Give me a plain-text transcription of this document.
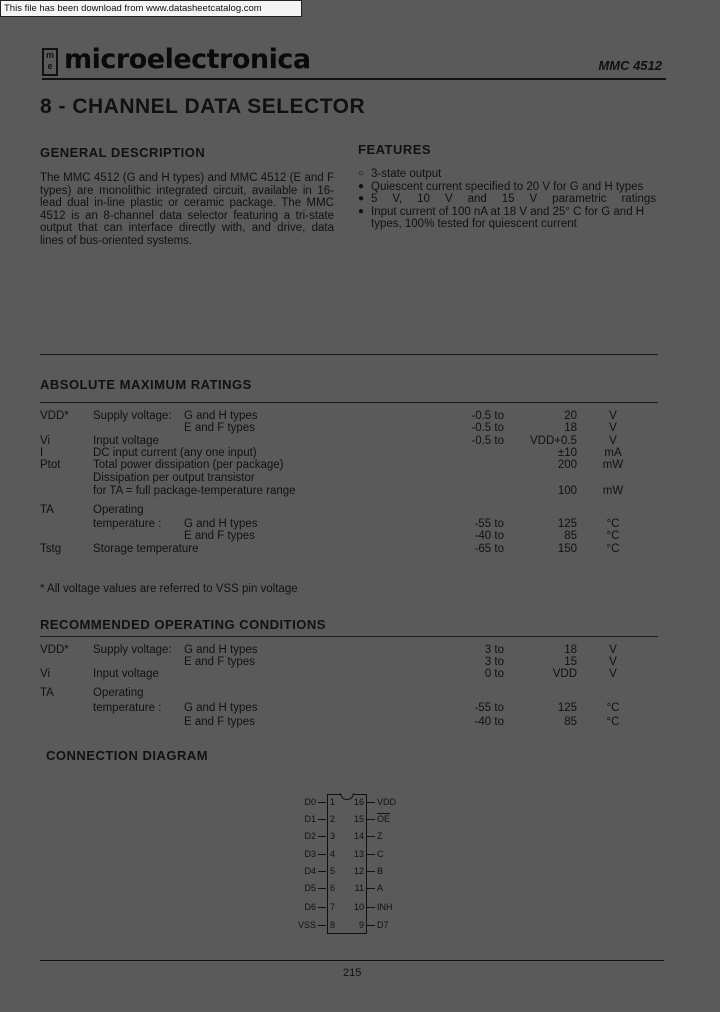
This file has been download from www.datasheetcatalog.com
m e microelectronica	MMC 4512
8 - CHANNEL DATA SELECTOR
GENERAL DESCRIPTION
The MMC 4512 (G and H types) and MMC 4512 (E and F types) are monolithic integrated circuit, available in 16-lead dual in-line plastic or ceramic package. The MMC 4512 is an 8-channel data selector featuring a tri-state output that can interface directly with, and drive, data lines of bus-oriented systems.
FEATURES
○ 3-state output
● Quiescent current specified to 20 V for G and H types
● 5 V, 10 V and 15 V parametric ratings
● Input current of 100 nA at 18 V and 25° C for G and H types, 100% tested for quiescent current
ABSOLUTE MAXIMUM RATINGS
VDD*	Supply voltage:	G and H types	-0.5 to	20	V
E and F types	-0.5 to	18	V
Vi	Input voltage	-0.5 to	VDD+0.5	V
I	DC input current (any one input)	±10	mA
Ptot	Total power dissipation (per package)	200	mW
Dissipation per output transistor
for TA = full package-temperature range	100	mW
TA	Operating
temperature :	G and H types	-55 to	125	°C
E and F types	-40 to	85	°C
Tstg	Storage temperature	-65 to	150	°C
* All voltage values are referred to VSS pin voltage
RECOMMENDED OPERATING CONDITIONS
VDD*	Supply voltage:	G and H types	3 to	18	V
E and F types	3 to	15	V
Vi	Input voltage	0 to	VDD	V
TA	Operating
temperature :	G and H types	-55 to	125	°C
E and F types	-40 to	85	°C
CONNECTION DIAGRAM
D0 1
D1 2
D2 3
D3 4
D4 5
D5 6
D6 7
VSS 8
16 VDD
15 $\overline{OE}$
14 Z
13 C
12 B
11 A
10 INH
9 D7
215
